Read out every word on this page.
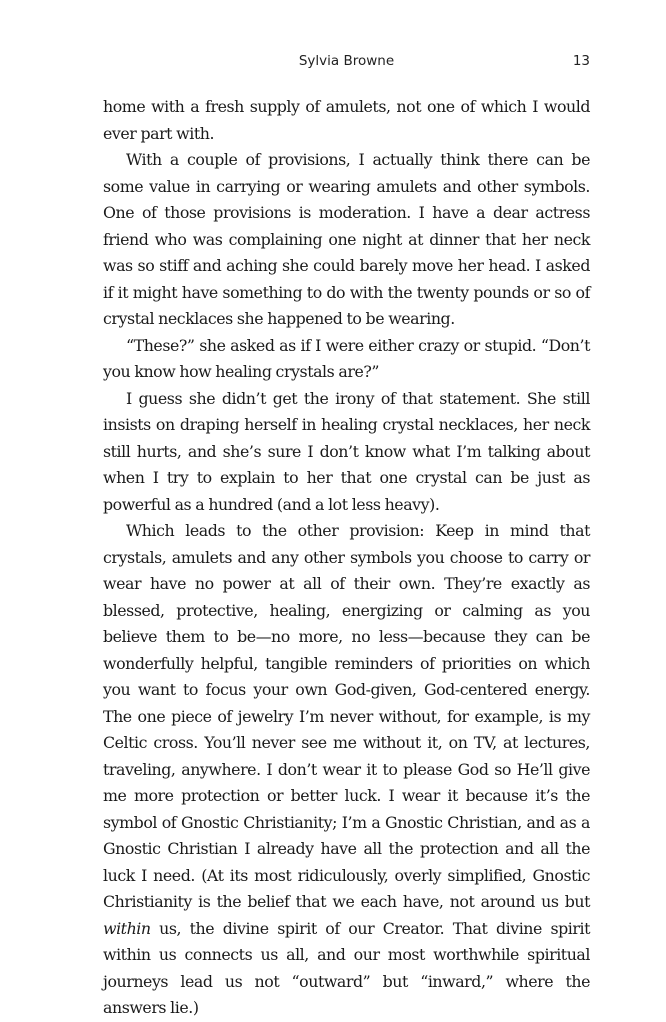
Sylvia Browne	13

home with a fresh supply of amulets, not one of which I would ever part with.

With a couple of provisions, I actually think there can be some value in carrying or wearing amulets and other symbols. One of those provisions is moderation. I have a dear actress friend who was complaining one night at dinner that her neck was so stiff and aching she could barely move her head. I asked if it might have something to do with the twenty pounds or so of crystal necklaces she happened to be wearing.

“These?” she asked as if I were either crazy or stupid. “Don’t you know how healing crystals are?”

I guess she didn’t get the irony of that statement. She still insists on draping herself in healing crystal necklaces, her neck still hurts, and she’s sure I don’t know what I’m talking about when I try to explain to her that one crystal can be just as powerful as a hundred (and a lot less heavy).

Which leads to the other provision: Keep in mind that crystals, amulets and any other symbols you choose to carry or wear have no power at all of their own. They’re exactly as blessed, protective, healing, energizing or calming as you believe them to be—no more, no less—because they can be wonderfully helpful, tangible reminders of priorities on which you want to focus your own God-given, God-centered energy. The one piece of jewelry I’m never without, for example, is my Celtic cross. You’ll never see me without it, on TV, at lectures, traveling, anywhere. I don’t wear it to please God so He’ll give me more protection or better luck. I wear it because it’s the symbol of Gnostic Christianity; I’m a Gnostic Christian, and as a Gnostic Christian I already have all the protection and all the luck I need. (At its most ridiculously, overly simplified, Gnostic Christianity is the belief that we each have, not around us but within us, the divine spirit of our Creator. That divine spirit within us connects us all, and our most worthwhile spiritual journeys lead us not “outward” but “inward,” where the answers lie.)
